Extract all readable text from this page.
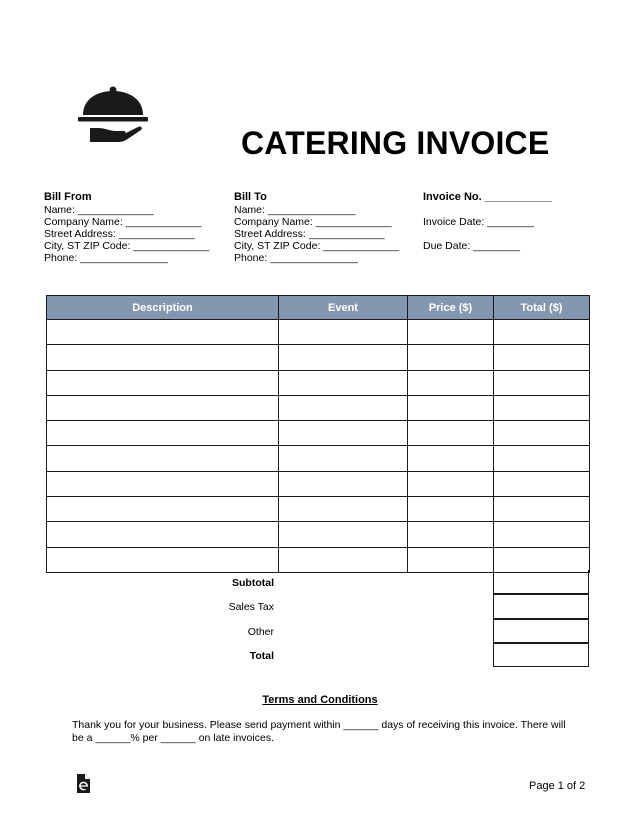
CATERING INVOICE
Bill From
Name: _____________
Company Name: _____________
Street Address: _____________
City, ST ZIP Code: _____________
Phone: _______________
Bill To
Name: _______________
Company Name: _____________
Street Address: _____________
City, ST ZIP Code: _____________
Phone: _______________
Invoice No. ___________
Invoice Date: ________
Due Date: ________
Description	Event	Price ($)	Total ($)

Subtotal
Sales Tax
Other
Total
Terms and Conditions
Thank you for your business. Please send payment within ______ days of receiving this invoice. There will be a ______% per ______ on late invoices.
Page 1 of 2
